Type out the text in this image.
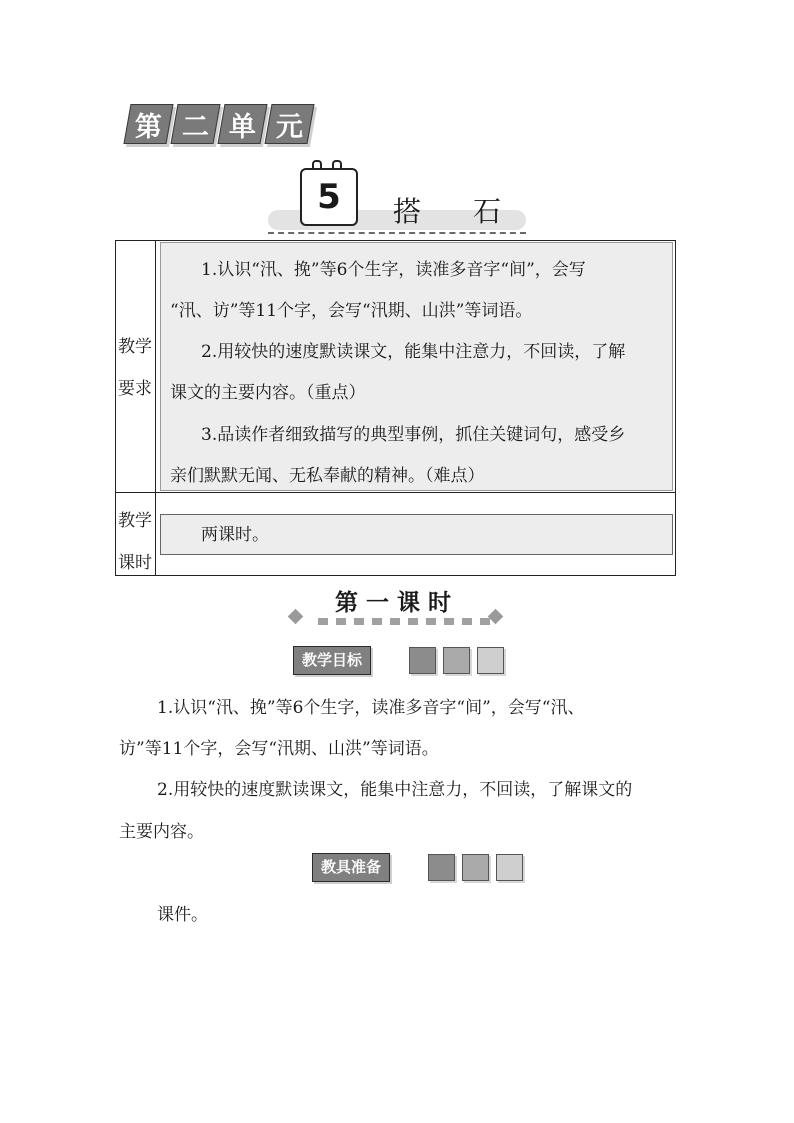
第 二 单 元
5	搭石
教学
要求
1.认识“汛、挽”等6个生字，读准多音字“间”，会写
“汛、访”等11个字，会写“汛期、山洪”等词语。
2.用较快的速度默读课文，能集中注意力，不回读，了解
课文的主要内容。（重点）
3.品读作者细致描写的典型事例，抓住关键词句，感受乡
亲们默默无闻、无私奉献的精神。（难点）
教学
课时
两课时。
第一课时
教学目标
1.认识“汛、挽”等6个生字，读准多音字“间”，会写“汛、
访”等11个字，会写“汛期、山洪”等词语。
2.用较快的速度默读课文，能集中注意力，不回读，了解课文的
主要内容。
教具准备
课件。
